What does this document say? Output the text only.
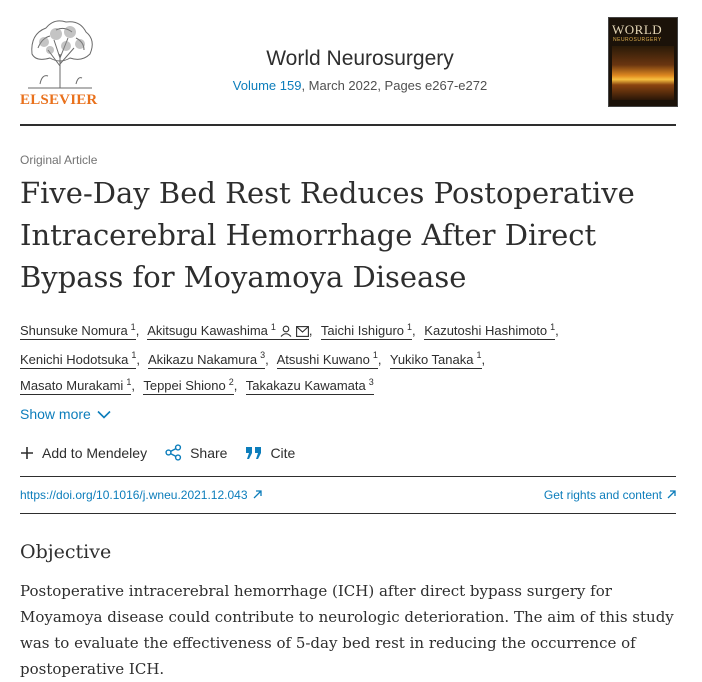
ELSEVIER
World Neurosurgery
Volume 159, March 2022, Pages e267-e272
WORLD
NEUROSURGERY
Original Article
Five-Day Bed Rest Reduces Postoperative Intracerebral Hemorrhage After Direct Bypass for Moyamoya Disease
Shunsuke Nomura $^1$, Akitsugu Kawashima $^1$	, Taichi Ishiguro $^1$, Kazutoshi Hashimoto $^1$,
Kenichi Hodotsuka $^1$, Akikazu Nakamura $^3$, Atsushi Kuwano $^1$, Yukiko Tanaka $^1$,
Masato Murakami $^1$, Teppei Shiono $^2$, Takakazu Kawamata $^3$
Show more
Add to Mendeley	Share	Cite
https://doi.org/10.1016/j.wneu.2021.12.043	Get rights and content
Objective

Postoperative intracerebral hemorrhage (ICH) after direct bypass surgery for Moyamoya disease could contribute to neurologic deterioration. The aim of this study was to evaluate the effectiveness of 5-day bed rest in reducing the occurrence of postoperative ICH.
